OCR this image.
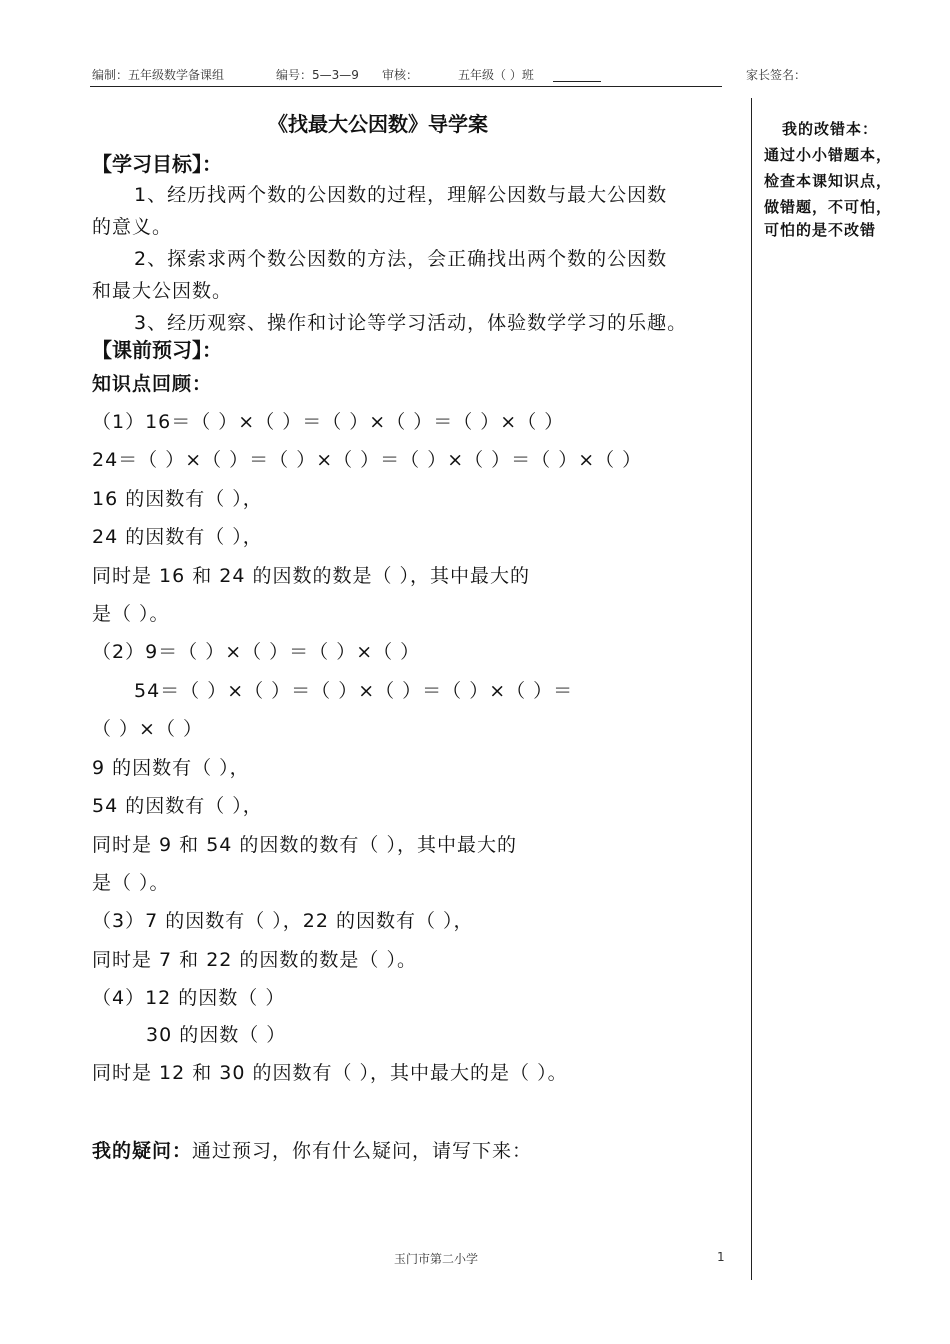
编制：五年级数学备课组	编号：5—3—9 审核：	五年级（ ）班	家长签名：
《找最大公因数》导学案
【学习目标】：
1、经历找两个数的公因数的过程，理解公因数与最大公因数
的意义。
2、探索求两个数公因数的方法，会正确找出两个数的公因数
和最大公因数。
3、经历观察、操作和讨论等学习活动，体验数学学习的乐趣。
【课前预习】：
知识点回顾：
（1）16＝（ ）×（ ）＝（ ）×（ ）＝（ ）×（ ）
24＝（ ）×（ ）＝（ ）×（ ）＝（ ）×（ ）＝（ ）×（ ）
16 的因数有（ ），
24 的因数有（ ），
同时是 16 和 24 的因数的数是（ ），其中最大的
是（ ）。
（2）9＝（ ）×（ ）＝（ ）×（ ）
54＝（ ）×（ ）＝（ ）×（ ）＝（ ）×（ ）＝
（ ）×（ ）
9 的因数有（ ），
54 的因数有（ ），
同时是 9 和 54 的因数的数有（ ），其中最大的
是（ ）。
（3）7 的因数有（ ），22 的因数有（ ），
同时是 7 和 22 的因数的数是（ ）。
（4）12 的因数（ ）
30 的因数（ ）
同时是 12 和 30 的因数有（ ），其中最大的是（ ）。
我的疑问：通过预习，你有什么疑问，请写下来：
我的改错本：
通过小小错题本，
检查本课知识点，
做错题，不可怕，
可怕的是不改错
玉门市第二小学	1
